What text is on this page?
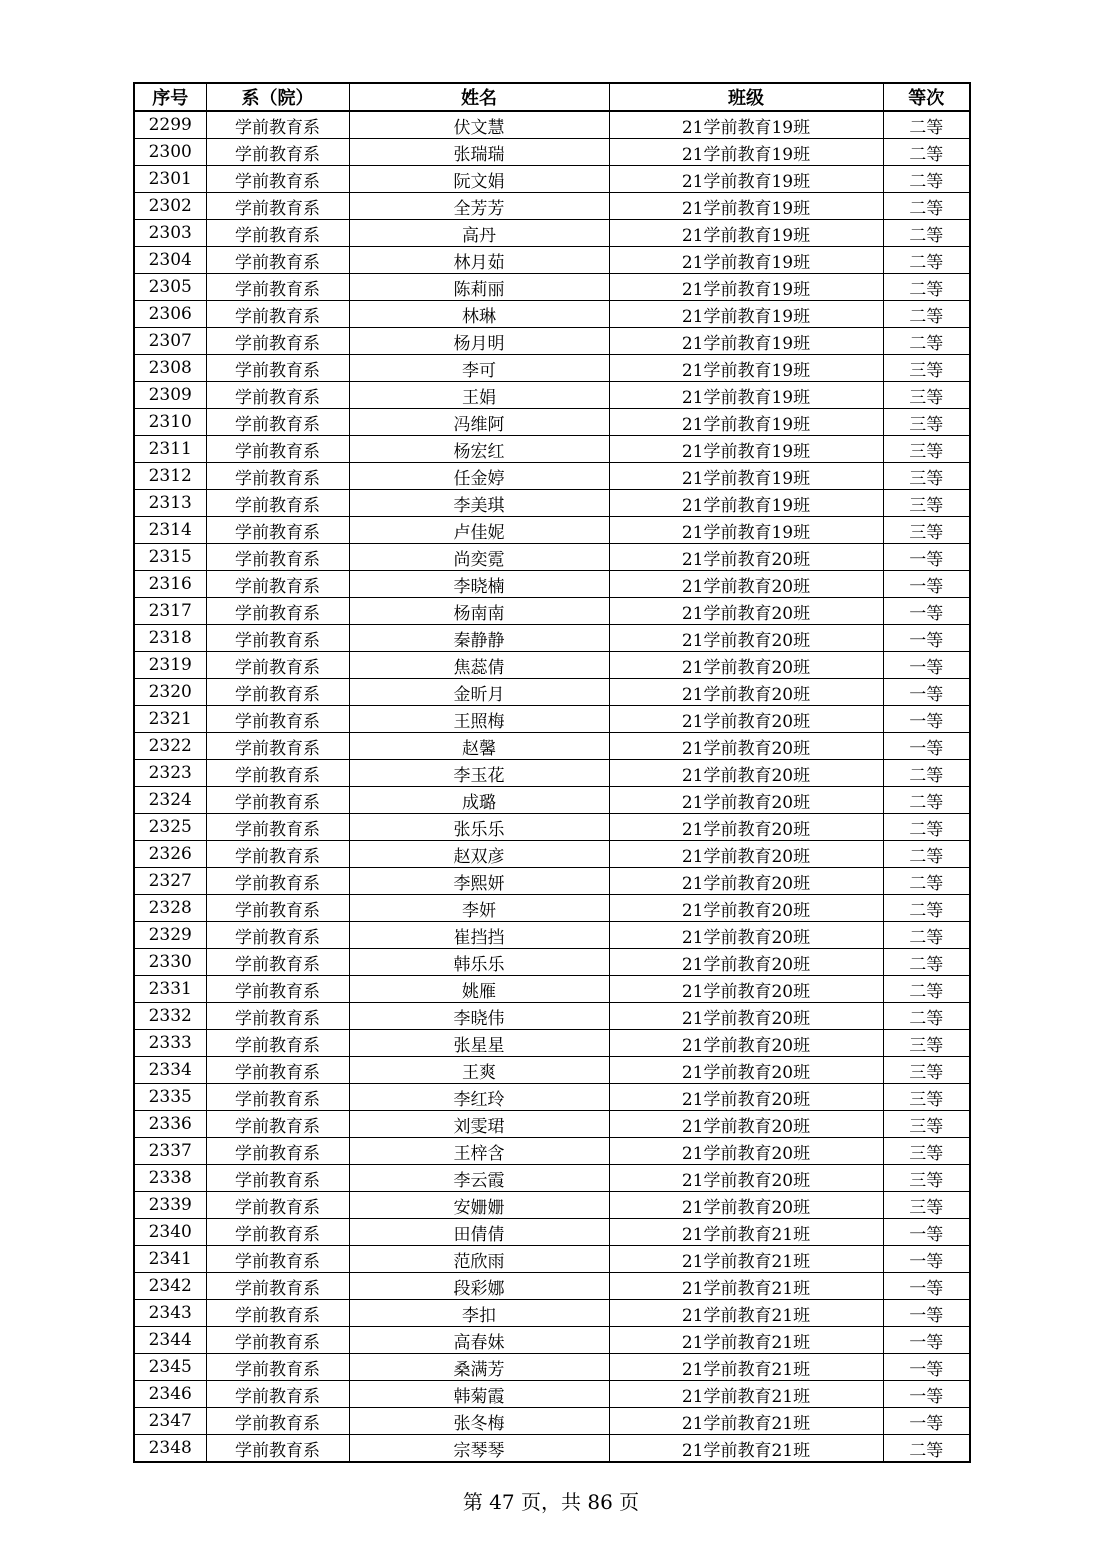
序号	系（院）	姓名	班级	等次
2299	学前教育系	伏文慧	21学前教育19班	二等
2300	学前教育系	张瑞瑞	21学前教育19班	二等
2301	学前教育系	阮文娟	21学前教育19班	二等
2302	学前教育系	全芳芳	21学前教育19班	二等
2303	学前教育系	高丹	21学前教育19班	二等
2304	学前教育系	林月茹	21学前教育19班	二等
2305	学前教育系	陈莉丽	21学前教育19班	二等
2306	学前教育系	林琳	21学前教育19班	二等
2307	学前教育系	杨月明	21学前教育19班	二等
2308	学前教育系	李可	21学前教育19班	三等
2309	学前教育系	王娟	21学前教育19班	三等
2310	学前教育系	冯维阿	21学前教育19班	三等
2311	学前教育系	杨宏红	21学前教育19班	三等
2312	学前教育系	任金婷	21学前教育19班	三等
2313	学前教育系	李美琪	21学前教育19班	三等
2314	学前教育系	卢佳妮	21学前教育19班	三等
2315	学前教育系	尚奕霓	21学前教育20班	一等
2316	学前教育系	李晓楠	21学前教育20班	一等
2317	学前教育系	杨南南	21学前教育20班	一等
2318	学前教育系	秦静静	21学前教育20班	一等
2319	学前教育系	焦蕊倩	21学前教育20班	一等
2320	学前教育系	金昕月	21学前教育20班	一等
2321	学前教育系	王照梅	21学前教育20班	一等
2322	学前教育系	赵馨	21学前教育20班	一等
2323	学前教育系	李玉花	21学前教育20班	二等
2324	学前教育系	成璐	21学前教育20班	二等
2325	学前教育系	张乐乐	21学前教育20班	二等
2326	学前教育系	赵双彦	21学前教育20班	二等
2327	学前教育系	李熙妍	21学前教育20班	二等
2328	学前教育系	李妍	21学前教育20班	二等
2329	学前教育系	崔挡挡	21学前教育20班	二等
2330	学前教育系	韩乐乐	21学前教育20班	二等
2331	学前教育系	姚雁	21学前教育20班	二等
2332	学前教育系	李晓伟	21学前教育20班	二等
2333	学前教育系	张星星	21学前教育20班	三等
2334	学前教育系	王爽	21学前教育20班	三等
2335	学前教育系	李红玲	21学前教育20班	三等
2336	学前教育系	刘雯珺	21学前教育20班	三等
2337	学前教育系	王梓含	21学前教育20班	三等
2338	学前教育系	李云霞	21学前教育20班	三等
2339	学前教育系	安姗姗	21学前教育20班	三等
2340	学前教育系	田倩倩	21学前教育21班	一等
2341	学前教育系	范欣雨	21学前教育21班	一等
2342	学前教育系	段彩娜	21学前教育21班	一等
2343	学前教育系	李扣	21学前教育21班	一等
2344	学前教育系	高春妹	21学前教育21班	一等
2345	学前教育系	桑满芳	21学前教育21班	一等
2346	学前教育系	韩菊霞	21学前教育21班	一等
2347	学前教育系	张冬梅	21学前教育21班	一等
2348	学前教育系	宗琴琴	21学前教育21班	二等
第 47 页，共 86 页
